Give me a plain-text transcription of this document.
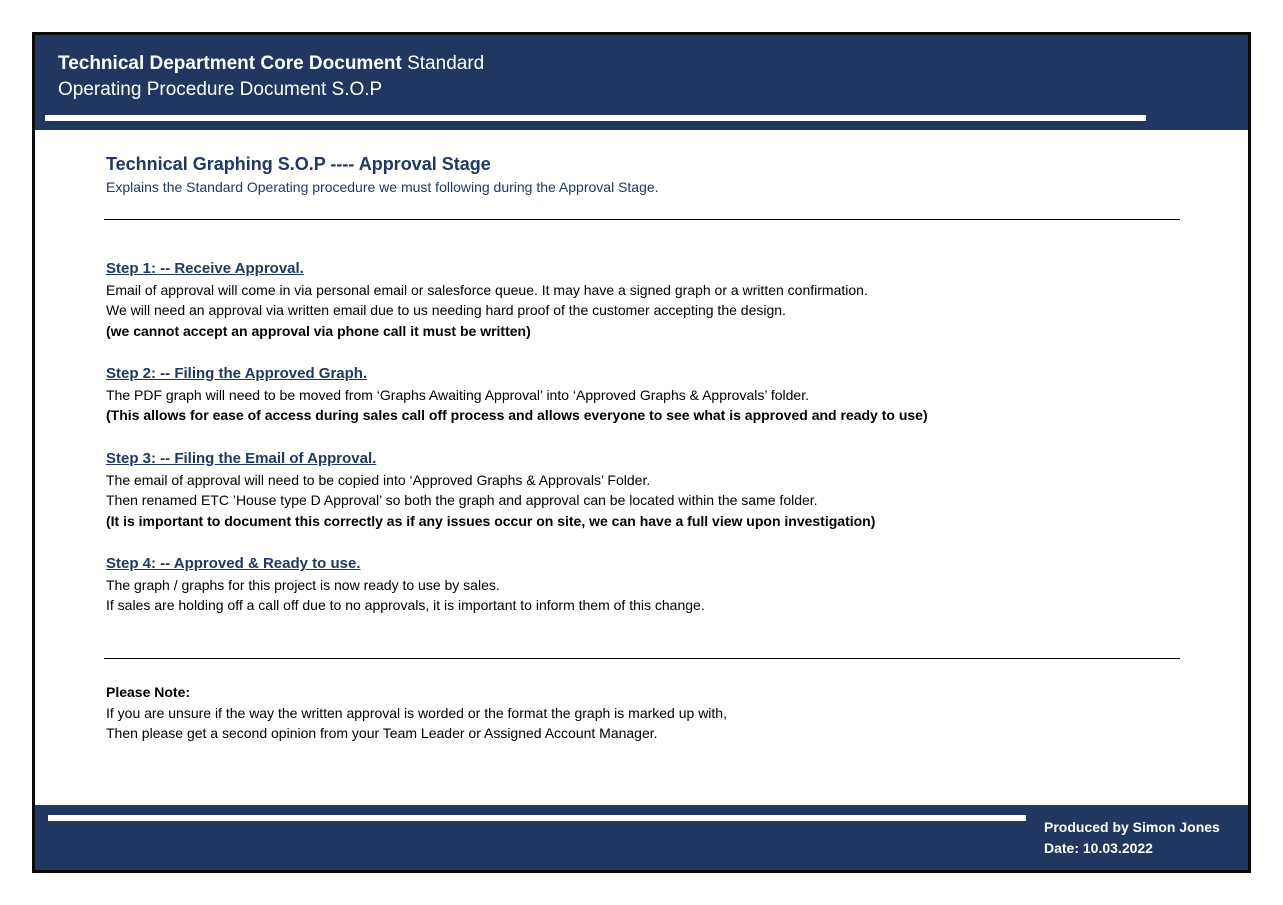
Technical Department Core Document Standard
Operating Procedure Document S.O.P
Technical Graphing S.O.P ---- Approval Stage
Explains the Standard Operating procedure we must following during the Approval Stage.
Step 1: -- Receive Approval.
Email of approval will come in via personal email or salesforce queue. It may have a signed graph or a written confirmation.
We will need an approval via written email due to us needing hard proof of the customer accepting the design.
(we cannot accept an approval via phone call it must be written)
Step 2: -- Filing the Approved Graph.
The PDF graph will need to be moved from ‘Graphs Awaiting Approval’ into ‘Approved Graphs & Approvals’ folder.
(This allows for ease of access during sales call off process and allows everyone to see what is approved and ready to use)
Step 3: -- Filing the Email of Approval.
The email of approval will need to be copied into ‘Approved Graphs & Approvals’ Folder.
Then renamed ETC ’House type D Approval’ so both the graph and approval can be located within the same folder.
(It is important to document this correctly as if any issues occur on site, we can have a full view upon investigation)
Step 4: -- Approved & Ready to use.
The graph / graphs for this project is now ready to use by sales.
If sales are holding off a call off due to no approvals, it is important to inform them of this change.
Please Note:
If you are unsure if the way the written approval is worded or the format the graph is marked up with,
Then please get a second opinion from your Team Leader or Assigned Account Manager.
Produced by Simon Jones
Date: 10.03.2022
